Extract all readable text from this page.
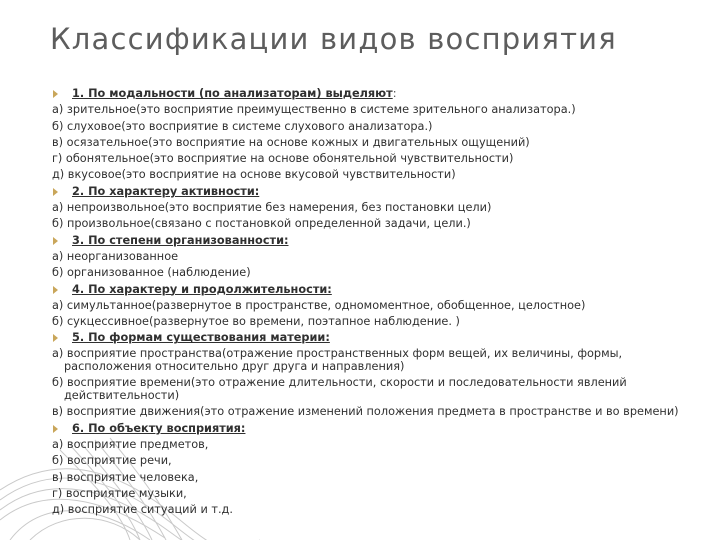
Классификации видов восприятия
1. По модальности (по анализаторам) выделяют:
а) зрительное(это восприятие преимущественно в системе зрительного анализатора.)
б) слуховое(это восприятие в системе слухового анализатора.)
в) осязательное(это восприятие на основе кожных и двигательных ощущений)
г) обонятельное(это восприятие на основе обонятельной чувствительности)
д) вкусовое(это восприятие на основе вкусовой чувствительности)
2. По характеру активности:
а) непроизвольное(это восприятие без намерения, без постановки цели)
б) произвольное(связано с постановкой определенной задачи, цели.)
3. По степени организованности:
а) неорганизованное
б) организованное (наблюдение)
4. По характеру и продолжительности:
а) симультанное(развернутое в пространстве, одномоментное, обобщенное, целостное)
б) сукцессивное(развернутое во времени, поэтапное наблюдение. )
5. По формам существования материи:
а) восприятие пространства(отражение пространственных форм вещей, их величины, формы, расположения относительно друг друга и направления)
б) восприятие времени(это отражение длительности, скорости и последовательности явлений действительности)
в) восприятие движения(это отражение изменений положения предмета в пространстве и во времени)
6. По объекту восприятия:
а) восприятие предметов,
б) восприятие речи,
в) восприятие человека,
г) восприятие музыки,
д) восприятие ситуаций и т.д.
